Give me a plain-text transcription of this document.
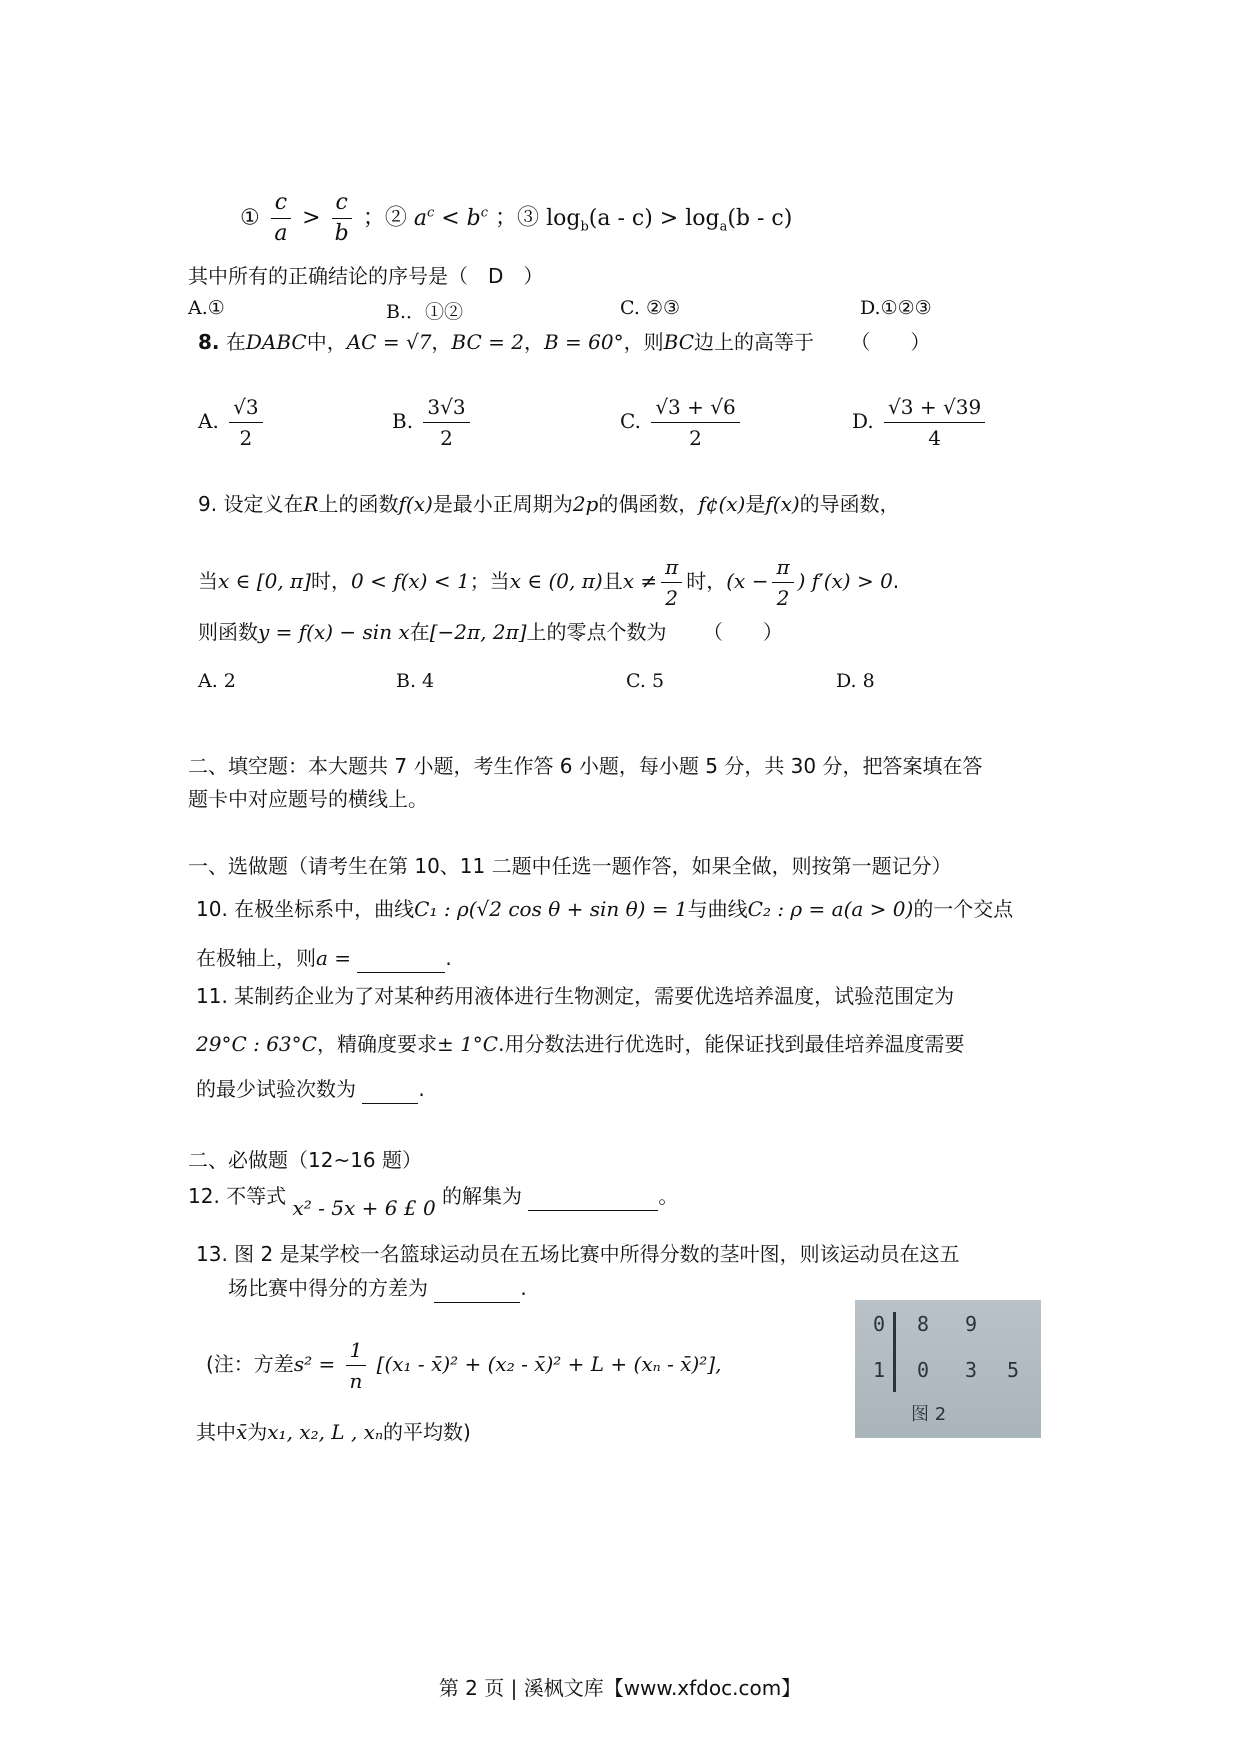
① $\frac{c}{a} > \frac{c}{b}$ ；② $a^c < b^c$ ；③ $\log_b(a - c) > \log_a(b - c)$
其中所有的正确结论的序号是（　D　）
A.①	B.．①②	C. ②③	D.①②③
8. 在DABC中，AC = √7，BC = 2，B = 60°，则BC边上的高等于 （　　）
A. $\frac{√3}{2}$	B. $\frac{3√3}{2}$	C. $\frac{√3 + √6}{2}$	D. $\frac{√3 + √39}{4}$
9. 设定义在R上的函数f(x)是最小正周期为2p的偶函数，f¢(x)是f(x)的导函数，
当x ∈ [0, π]时，0 < f(x) < 1；当x ∈ (0, π)且$x \ne \frac{\pi}{2}$ 时，($x - \frac{\pi}{2}$ ) f′(x) > 0.
则函数y = f(x) − sin x在[−2π, 2π]上的零点个数为 （　　）
A. 2	B. 4	C. 5	D. 8
二、填空题：本大题共 7 小题，考生作答 6 小题，每小题 5 分，共 30 分，把答案填在答
题卡中对应题号的横线上。
一、选做题（请考生在第 10、11 二题中任选一题作答，如果全做，则按第一题记分）
10. 在极坐标系中，曲线C₁ : ρ(√2 cos θ + sin θ) = 1与曲线C₂ : ρ = a(a > 0)的一个交点
在极轴上，则a =	.
11. 某制药企业为了对某种药用液体进行生物测定，需要优选培养温度，试验范围定为
29°C : 63°C，精确度要求± 1°C.用分数法进行优选时，能保证找到最佳培养温度需要
的最少试验次数为	.
二、必做题（12~16 题）
12. 不等式 x² - 5x + 6 £ 0 的解集为	。
13. 图 2 是某学校一名篮球运动员在五场比赛中所得分数的茎叶图，则该运动员在这五
场比赛中得分的方差为	.
(注：方差$s^2 = \frac{1}{n} [(x_1$ - x̄)² + (x₂ - x̄)² + L + (xₙ - x̄)²],
其中x̄为x₁, x₂, L , xₙ的平均数)
0 8 9
1 0 3 5
图 2
第 2 页 | 溪枫文库【www.xfdoc.com】
